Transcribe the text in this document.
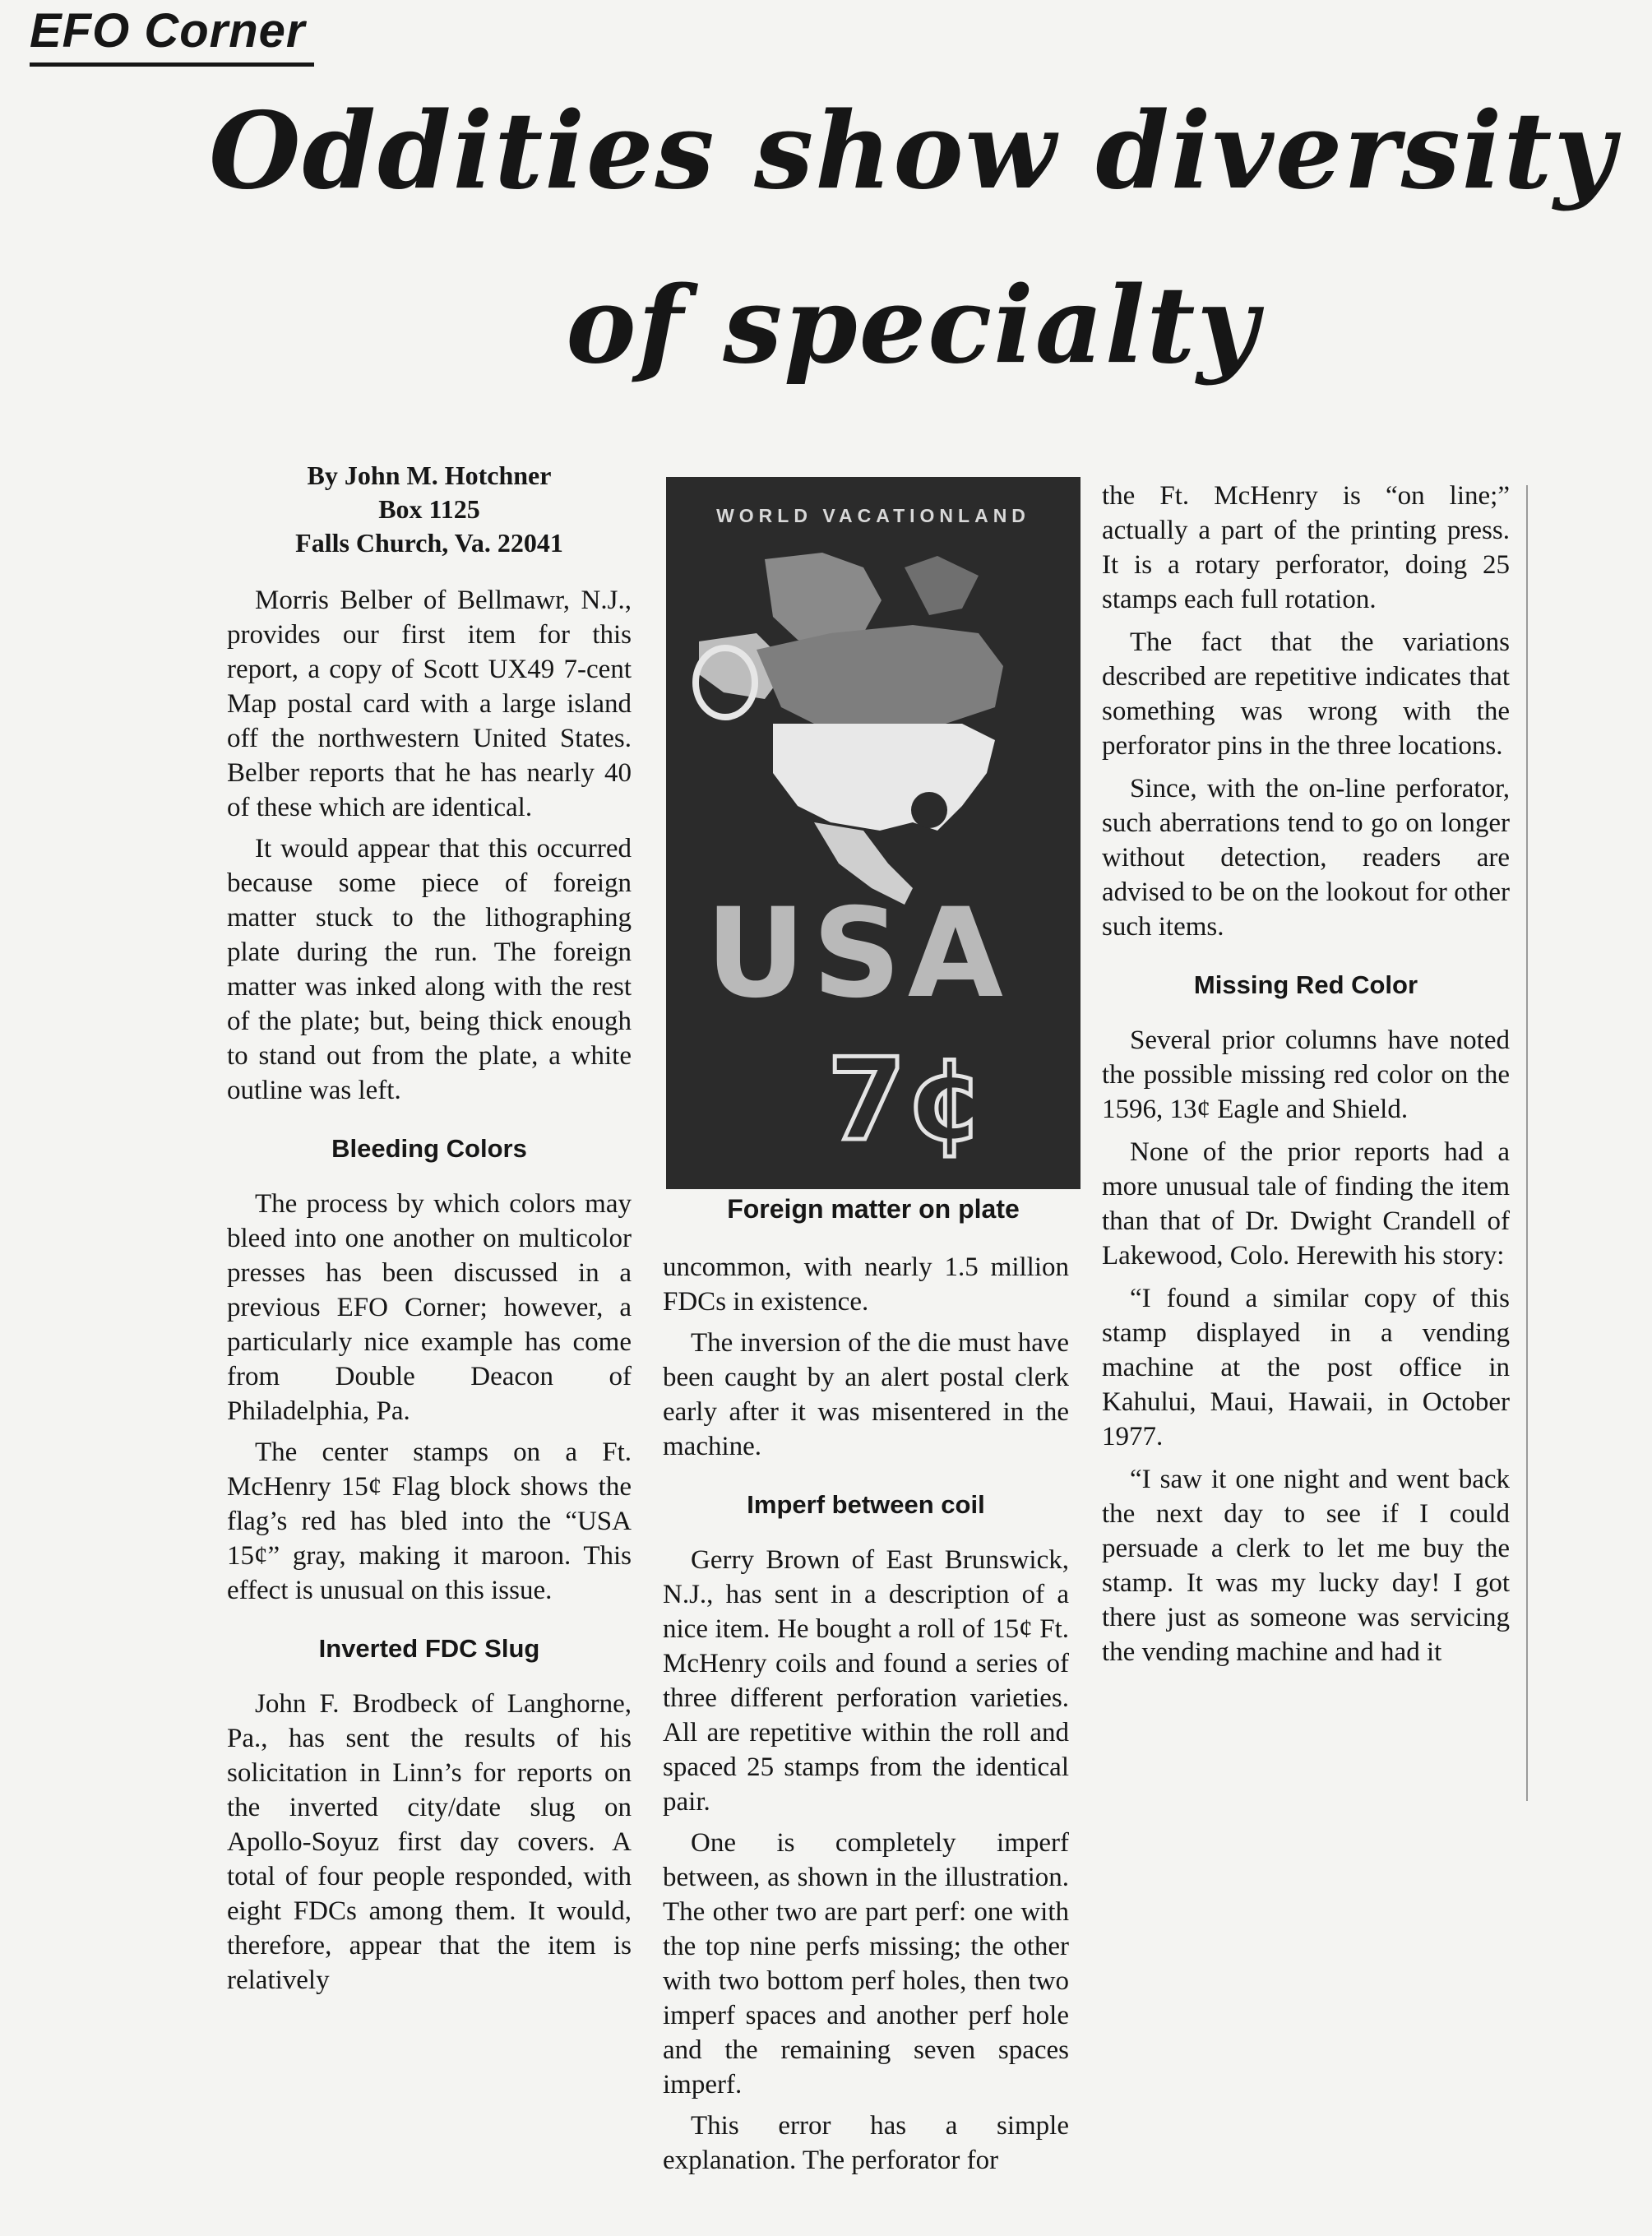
EFO Corner
Oddities show diversity of specialty
By John M. Hotchner
Box 1125
Falls Church, Va. 22041

Morris Belber of Bellmawr, N.J., provides our first item for this report, a copy of Scott UX49 7-cent Map postal card with a large island off the northwestern United States. Belber reports that he has nearly 40 of these which are identical.

It would appear that this occurred because some piece of foreign matter stuck to the lithographing plate during the run. The foreign matter was inked along with the rest of the plate; but, being thick enough to stand out from the plate, a white outline was left.

Bleeding Colors

The process by which colors may bleed into one another on multicolor presses has been discussed in a previous EFO Corner; however, a particularly nice example has come from Double Deacon of Philadelphia, Pa.

The center stamps on a Ft. McHenry 15¢ Flag block shows the flag’s red has bled into the “USA 15¢” gray, making it maroon. This effect is unusual on this issue.

Inverted FDC Slug

John F. Brodbeck of Langhorne, Pa., has sent the results of his solicitation in Linn’s for reports on the inverted city/date slug on Apollo-Soyuz first day covers. A total of four people responded, with eight FDCs among them. It would, therefore, appear that the item is relatively

WORLD VACATIONLAND
USA
7¢
Foreign matter on plate

uncommon, with nearly 1.5 million FDCs in existence.

The inversion of the die must have been caught by an alert postal clerk early after it was misentered in the machine.

Imperf between coil

Gerry Brown of East Brunswick, N.J., has sent in a description of a nice item. He bought a roll of 15¢ Ft. McHenry coils and found a series of three different perforation varieties. All are repetitive within the roll and spaced 25 stamps from the identical pair.

One is completely imperf between, as shown in the illustration. The other two are part perf: one with the top nine perfs missing; the other with two bottom perf holes, then two imperf spaces and another perf hole and the remaining seven spaces imperf.

This error has a simple explanation. The perforator for

the Ft. McHenry is “on line;” actually a part of the printing press. It is a rotary perforator, doing 25 stamps each full rotation.

The fact that the variations described are repetitive indicates that something was wrong with the perforator pins in the three locations.

Since, with the on-line perforator, such aberrations tend to go on longer without detection, readers are advised to be on the lookout for other such items.

Missing Red Color

Several prior columns have noted the possible missing red color on the 1596, 13¢ Eagle and Shield.

None of the prior reports had a more unusual tale of finding the item than that of Dr. Dwight Crandell of Lakewood, Colo. Herewith his story:

“I found a similar copy of this stamp displayed in a vending machine at the post office in Kahului, Maui, Hawaii, in October 1977.

“I saw it one night and went back the next day to see if I could persuade a clerk to let me buy the stamp. It was my lucky day! I got there just as someone was servicing the vending machine and had it
